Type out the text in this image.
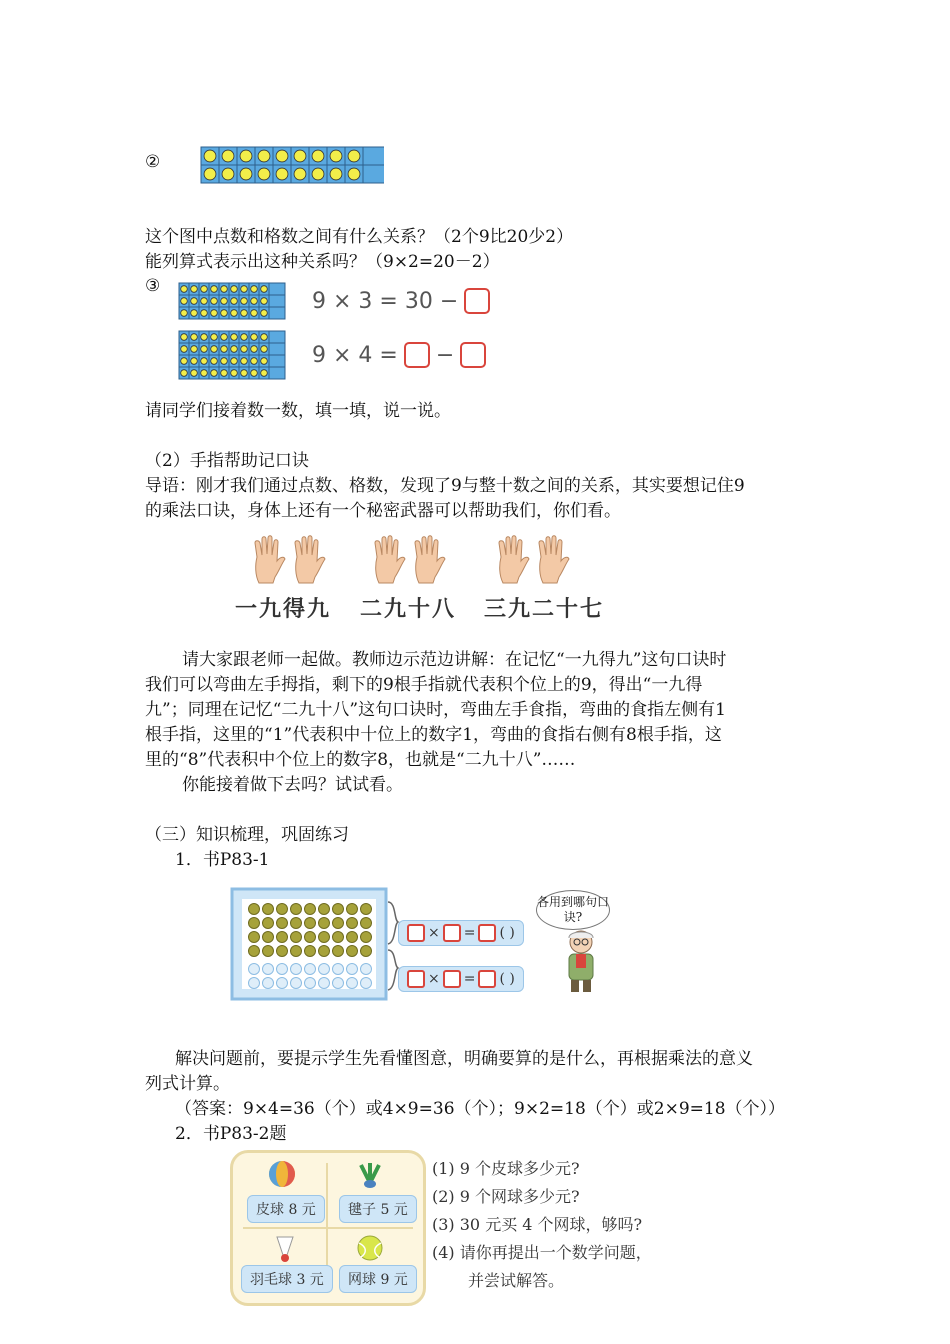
②
这个图中点数和格数之间有什么关系？（2个9比20少2）
能列算式表示出这种关系吗？（9×2=20－2）
③
9 × 3 = 30 −
9 × 4 = −
请同学们接着数一数，填一填，说一说。
（2）手指帮助记口诀
导语：刚才我们通过点数、格数，发现了9与整十数之间的关系，其实要想记住9
的乘法口诀，身体上还有一个秘密武器可以帮助我们，你们看。
一九得九 二九十八 三九二十七
请大家跟老师一起做。教师边示范边讲解：在记忆“一九得九”这句口诀时
我们可以弯曲左手拇指，剩下的9根手指就代表积个位上的9，得出“一九得
九”；同理在记忆“二九十八”这句口诀时，弯曲左手食指，弯曲的食指左侧有1
根手指，这里的“1”代表积中十位上的数字1，弯曲的食指右侧有8根手指，这
里的“8”代表积中个位上的数字8，也就是“二九十八”……
你能接着做下去吗？试试看。
（三）知识梳理，巩固练习
1．书P83-1
× = ( )
× = ( )
各用到哪句口诀?
解决问题前，要提示学生先看懂图意，明确要算的是什么，再根据乘法的意义
列式计算。
（答案：9×4=36（个）或4×9=36（个）；9×2=18（个）或2×9=18（个））
2．书P83-2题
皮球 8 元	毽子 5 元
羽毛球 3 元	网球 9 元
(1) 9 个皮球多少元?
(2) 9 个网球多少元?
(3) 30 元买 4 个网球，够吗?
(4) 请你再提出一个数学问题，
并尝试解答。
